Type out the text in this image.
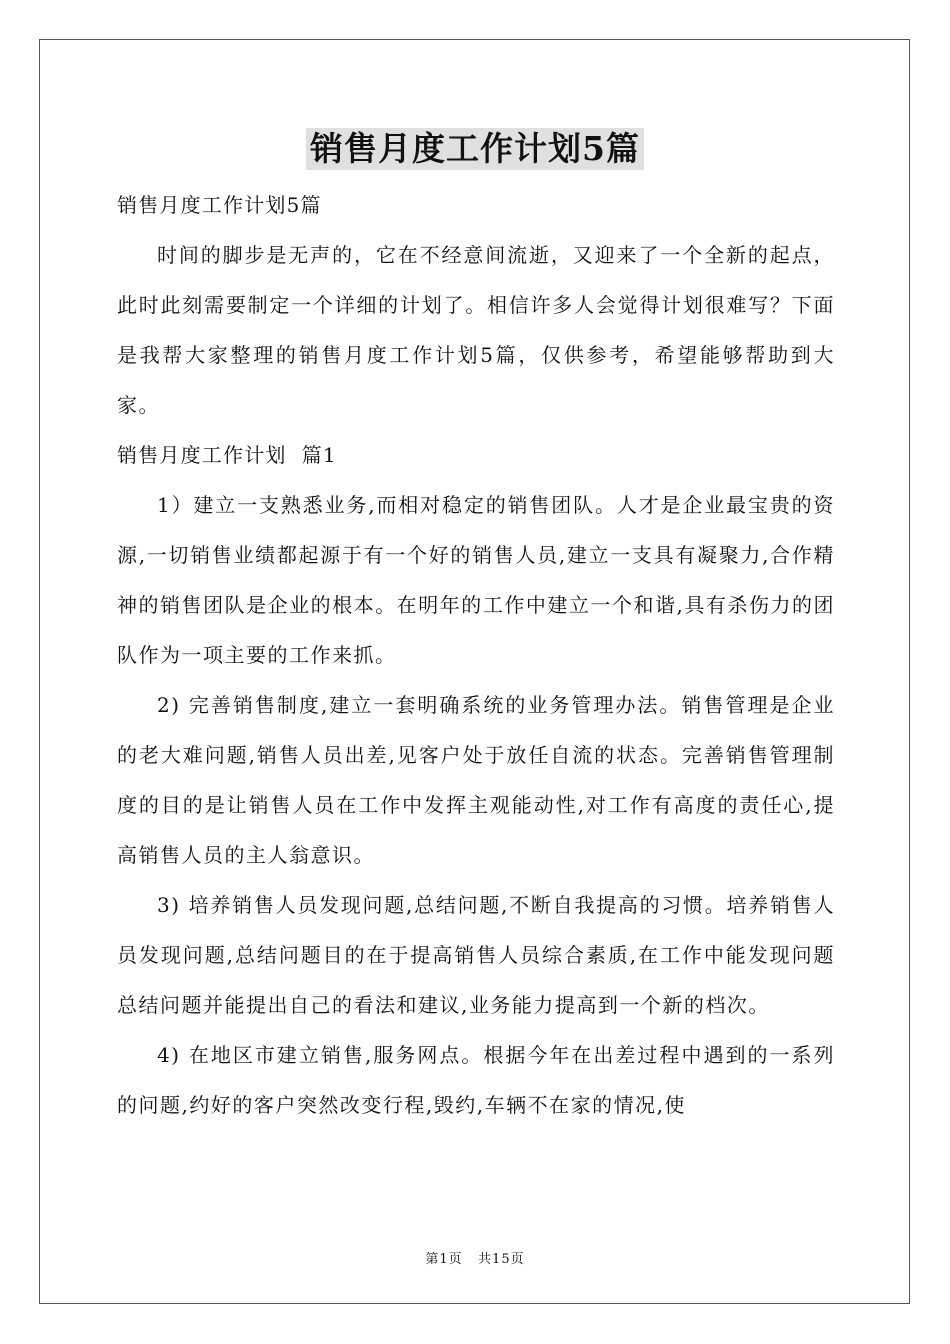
销售月度工作计划5篇

销售月度工作计划5篇

时间的脚步是无声的，它在不经意间流逝，又迎来了一个全新的起点，此时此刻需要制定一个详细的计划了。相信许多人会觉得计划很难写？下面是我帮大家整理的销售月度工作计划5篇，仅供参考，希望能够帮助到大家。

销售月度工作计划  篇1

1）建立一支熟悉业务,而相对稳定的销售团队。人才是企业最宝贵的资源,一切销售业绩都起源于有一个好的销售人员,建立一支具有凝聚力,合作精神的销售团队是企业的根本。在明年的工作中建立一个和谐,具有杀伤力的团队作为一项主要的工作来抓。

2) 完善销售制度,建立一套明确系统的业务管理办法。销售管理是企业的老大难问题,销售人员出差,见客户处于放任自流的状态。完善销售管理制度的目的是让销售人员在工作中发挥主观能动性,对工作有高度的责任心,提高销售人员的主人翁意识。

3) 培养销售人员发现问题,总结问题,不断自我提高的习惯。培养销售人员发现问题,总结问题目的在于提高销售人员综合素质,在工作中能发现问题总结问题并能提出自己的看法和建议,业务能力提高到一个新的档次。

4) 在地区市建立销售,服务网点。根据今年在出差过程中遇到的一系列的问题,约好的客户突然改变行程,毁约,车辆不在家的情况,使

第1页   共15页
